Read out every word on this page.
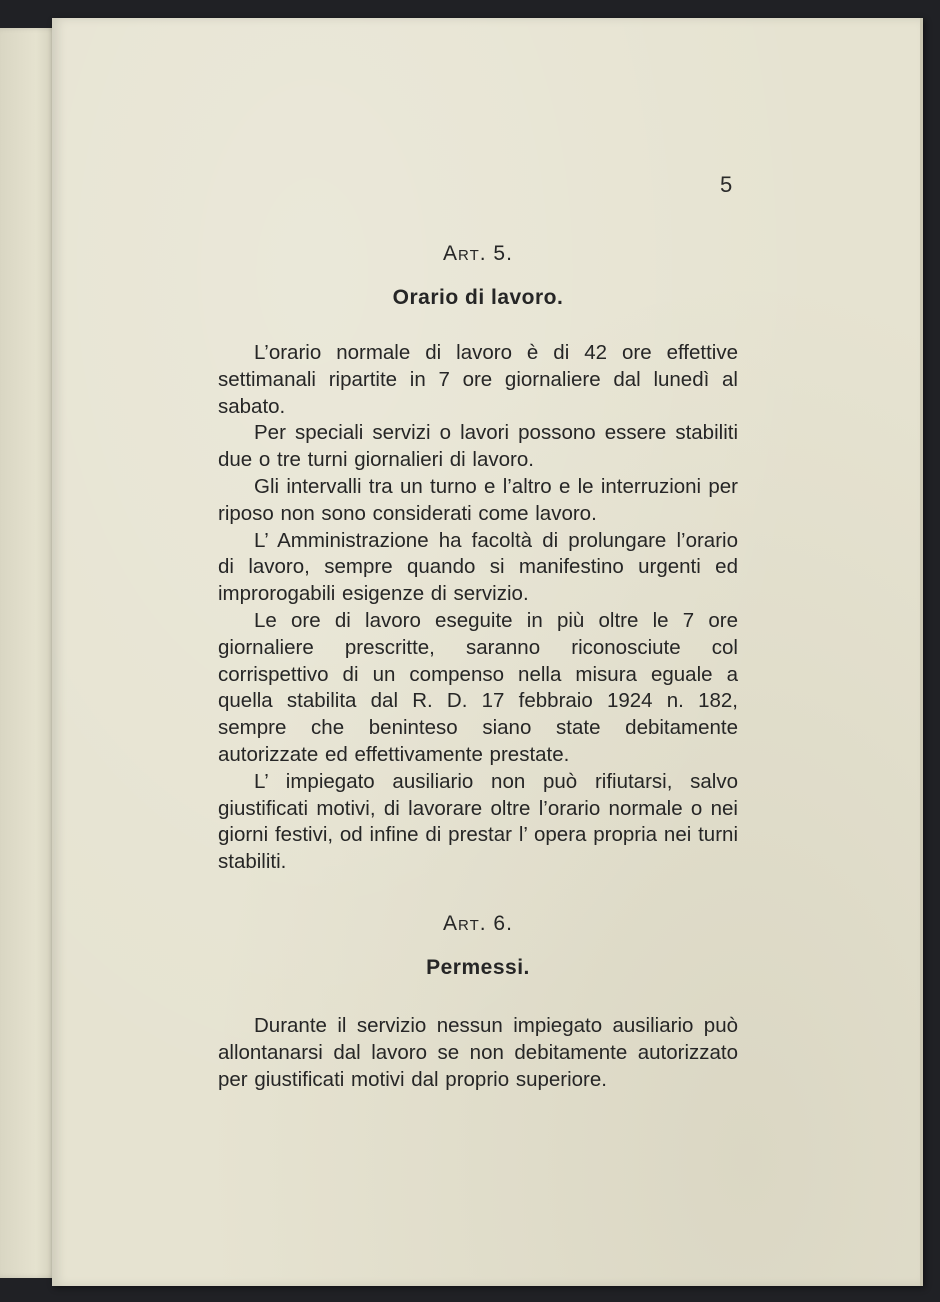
5
Art. 5.
Orario di lavoro.

L’orario normale di lavoro è di 42 ore effettive settimanali ripartite in 7 ore giornaliere dal lunedì al sabato.

Per speciali servizi o lavori possono essere stabiliti due o tre turni giornalieri di lavoro.

Gli intervalli tra un turno e l’altro e le interruzioni per riposo non sono considerati come lavoro.

L’ Amministrazione ha facoltà di prolungare l’orario di lavoro, sempre quando si manifestino urgenti ed improrogabili esigenze di servizio.

Le ore di lavoro eseguite in più oltre le 7 ore giornaliere prescritte, saranno riconosciute col corrispettivo di un compenso nella misura eguale a quella stabilita dal R. D. 17 febbraio 1924 n. 182, sempre che beninteso siano state debitamente autorizzate ed effettivamente prestate.

L’ impiegato ausiliario non può rifiutarsi, salvo giustificati motivi, di lavorare oltre l’orario normale o nei giorni festivi, od infine di prestar l’ opera propria nei turni stabiliti.

Art. 6.
Permessi.

Durante il servizio nessun impiegato ausiliario può allontanarsi dal lavoro se non debitamente autorizzato per giustificati motivi dal proprio superiore.
